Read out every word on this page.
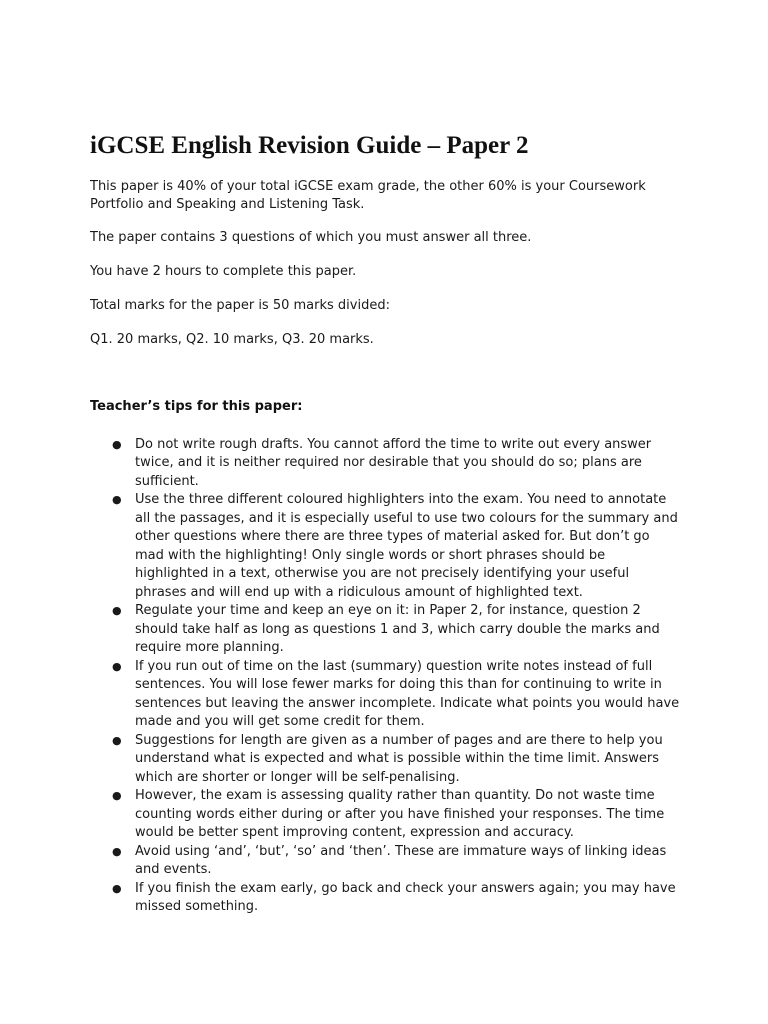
iGCSE English Revision Guide – Paper 2

This paper is 40% of your total iGCSE exam grade, the other 60% is your Coursework Portfolio and Speaking and Listening Task.

The paper contains 3 questions of which you must answer all three.

You have 2 hours to complete this paper.

Total marks for the paper is 50 marks divided:

Q1. 20 marks, Q2. 10 marks, Q3. 20 marks.

Teacher’s tips for this paper:

● Do not write rough drafts. You cannot afford the time to write out every answer twice, and it is neither required nor desirable that you should do so; plans are sufficient.
● Use the three different coloured highlighters into the exam. You need to annotate all the passages, and it is especially useful to use two colours for the summary and other questions where there are three types of material asked for. But don’t go mad with the highlighting! Only single words or short phrases should be highlighted in a text, otherwise you are not precisely identifying your useful phrases and will end up with a ridiculous amount of highlighted text.
● Regulate your time and keep an eye on it: in Paper 2, for instance, question 2 should take half as long as questions 1 and 3, which carry double the marks and require more planning.
● If you run out of time on the last (summary) question write notes instead of full sentences. You will lose fewer marks for doing this than for continuing to write in sentences but leaving the answer incomplete. Indicate what points you would have made and you will get some credit for them.
● Suggestions for length are given as a number of pages and are there to help you understand what is expected and what is possible within the time limit. Answers which are shorter or longer will be self-penalising.
● However, the exam is assessing quality rather than quantity. Do not waste time counting words either during or after you have finished your responses. The time would be better spent improving content, expression and accuracy.
● Avoid using ‘and’, ‘but’, ‘so’ and ‘then’. These are immature ways of linking ideas and events.
● If you finish the exam early, go back and check your answers again; you may have missed something.
